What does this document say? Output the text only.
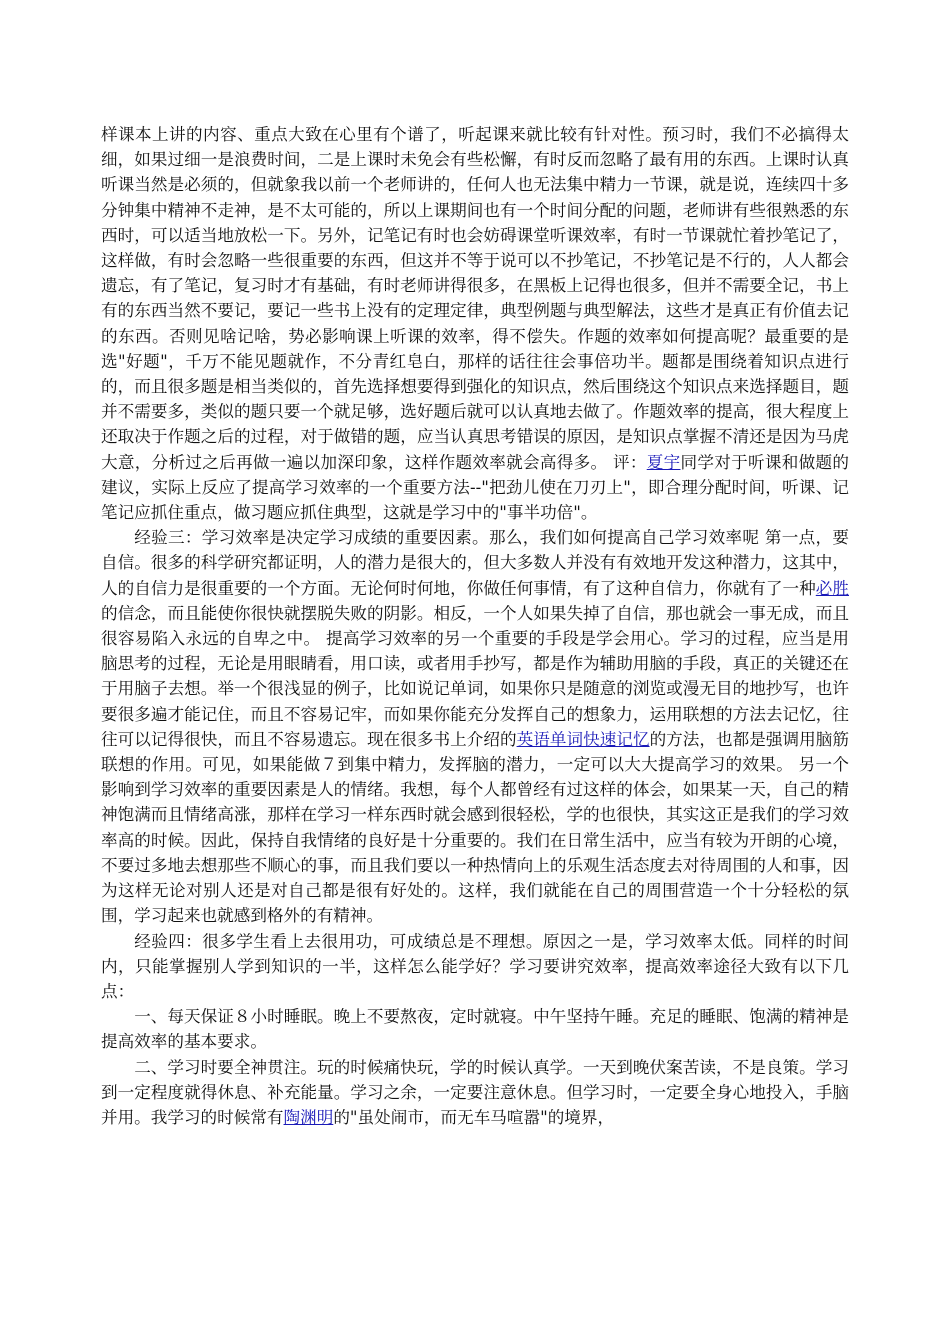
样课本上讲的内容、重点大致在心里有个谱了，听起课来就比较有针对性。预习时，我们不必搞得太细，如果过细一是浪费时间，二是上课时未免会有些松懈，有时反而忽略了最有用的东西。上课时认真听课当然是必须的，但就象我以前一个老师讲的，任何人也无法集中精力一节课，就是说，连续四十多分钟集中精神不走神，是不太可能的，所以上课期间也有一个时间分配的问题，老师讲有些很熟悉的东西时，可以适当地放松一下。另外，记笔记有时也会妨碍课堂听课效率，有时一节课就忙着抄笔记了，这样做，有时会忽略一些很重要的东西，但这并不等于说可以不抄笔记，不抄笔记是不行的，人人都会遗忘，有了笔记，复习时才有基础，有时老师讲得很多，在黑板上记得也很多，但并不需要全记，书上有的东西当然不要记，要记一些书上没有的定理定律，典型例题与典型解法，这些才是真正有价值去记的东西。否则见啥记啥，势必影响课上听课的效率，得不偿失。作题的效率如何提高呢？最重要的是选"好题"，千万不能见题就作，不分青红皂白，那样的话往往会事倍功半。题都是围绕着知识点进行的，而且很多题是相当类似的，首先选择想要得到强化的知识点，然后围绕这个知识点来选择题目，题并不需要多，类似的题只要一个就足够，选好题后就可以认真地去做了。作题效率的提高，很大程度上还取决于作题之后的过程，对于做错的题，应当认真思考错误的原因，是知识点掌握不清还是因为马虎大意，分析过之后再做一遍以加深印象，这样作题效率就会高得多。 评：夏宇同学对于听课和做题的建议，实际上反应了提高学习效率的一个重要方法--"把劲儿使在刀刃上"，即合理分配时间，听课、记笔记应抓住重点，做习题应抓住典型，这就是学习中的"事半功倍"。

经验三：学习效率是决定学习成绩的重要因素。那么，我们如何提高自己学习效率呢 第一点，要自信。很多的科学研究都证明，人的潜力是很大的，但大多数人并没有有效地开发这种潜力，这其中，人的自信力是很重要的一个方面。无论何时何地，你做任何事情，有了这种自信力，你就有了一种必胜的信念，而且能使你很快就摆脱失败的阴影。相反，一个人如果失掉了自信，那也就会一事无成，而且很容易陷入永远的自卑之中。 提高学习效率的另一个重要的手段是学会用心。学习的过程，应当是用脑思考的过程，无论是用眼睛看，用口读，或者用手抄写，都是作为辅助用脑的手段，真正的关键还在于用脑子去想。举一个很浅显的例子，比如说记单词，如果你只是随意的浏览或漫无目的地抄写，也许要很多遍才能记住，而且不容易记牢，而如果你能充分发挥自己的想象力，运用联想的方法去记忆，往往可以记得很快，而且不容易遗忘。现在很多书上介绍的英语单词快速记忆的方法，也都是强调用脑筋联想的作用。可见，如果能做７到集中精力，发挥脑的潜力，一定可以大大提高学习的效果。 另一个影响到学习效率的重要因素是人的情绪。我想，每个人都曾经有过这样的体会，如果某一天，自己的精神饱满而且情绪高涨，那样在学习一样东西时就会感到很轻松，学的也很快，其实这正是我们的学习效率高的时候。因此，保持自我情绪的良好是十分重要的。我们在日常生活中，应当有较为开朗的心境，不要过多地去想那些不顺心的事，而且我们要以一种热情向上的乐观生活态度去对待周围的人和事，因为这样无论对别人还是对自己都是很有好处的。这样，我们就能在自己的周围营造一个十分轻松的氛围，学习起来也就感到格外的有精神。

经验四：很多学生看上去很用功，可成绩总是不理想。原因之一是，学习效率太低。同样的时间内，只能掌握别人学到知识的一半，这样怎么能学好？学习要讲究效率，提高效率途径大致有以下几点：

一、每天保证８小时睡眠。晚上不要熬夜，定时就寝。中午坚持午睡。充足的睡眠、饱满的精神是提高效率的基本要求。

二、学习时要全神贯注。玩的时候痛快玩，学的时候认真学。一天到晚伏案苦读，不是良策。学习到一定程度就得休息、补充能量。学习之余，一定要注意休息。但学习时，一定要全身心地投入，手脑并用。我学习的时候常有陶渊明的"虽处闹市，而无车马喧嚣"的境界，
